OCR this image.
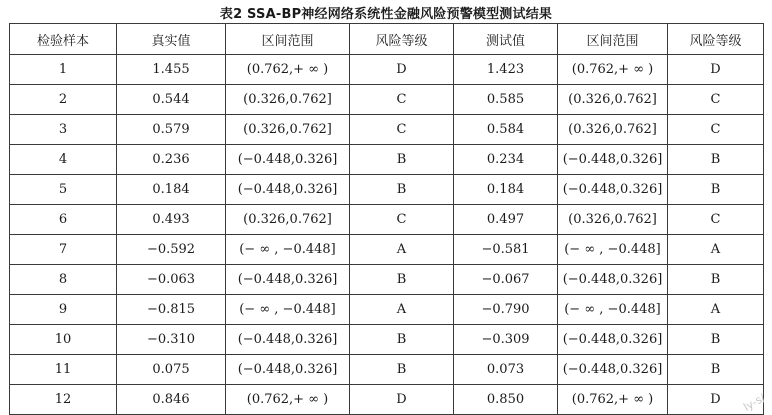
表2 SSA-BP神经网络系统性金融风险预警模型测试结果
检验样本	真实值	区间范围	风险等级	测试值	区间范围	风险等级
1	1.455	(0.762,+ ∞ )	D	1.423	(0.762,+ ∞ )	D
2	0.544	(0.326,0.762]	C	0.585	(0.326,0.762]	C
3	0.579	(0.326,0.762]	C	0.584	(0.326,0.762]	C
4	0.236	(−0.448,0.326]	B	0.234	(−0.448,0.326]	B
5	0.184	(−0.448,0.326]	B	0.184	(−0.448,0.326]	B
6	0.493	(0.326,0.762]	C	0.497	(0.326,0.762]	C
7	−0.592	(− ∞ , −0.448]	A	−0.581	(− ∞ , −0.448]	A
8	−0.063	(−0.448,0.326]	B	−0.067	(−0.448,0.326]	B
9	−0.815	(− ∞ , −0.448]	A	−0.790	(− ∞ , −0.448]	A
10	−0.310	(−0.448,0.326]	B	−0.309	(−0.448,0.326]	B
11	0.075	(−0.448,0.326]	B	0.073	(−0.448,0.326]	B
12	0.846	(0.762,+ ∞ )	D	0.850	(0.762,+ ∞ )	D ly-s/
